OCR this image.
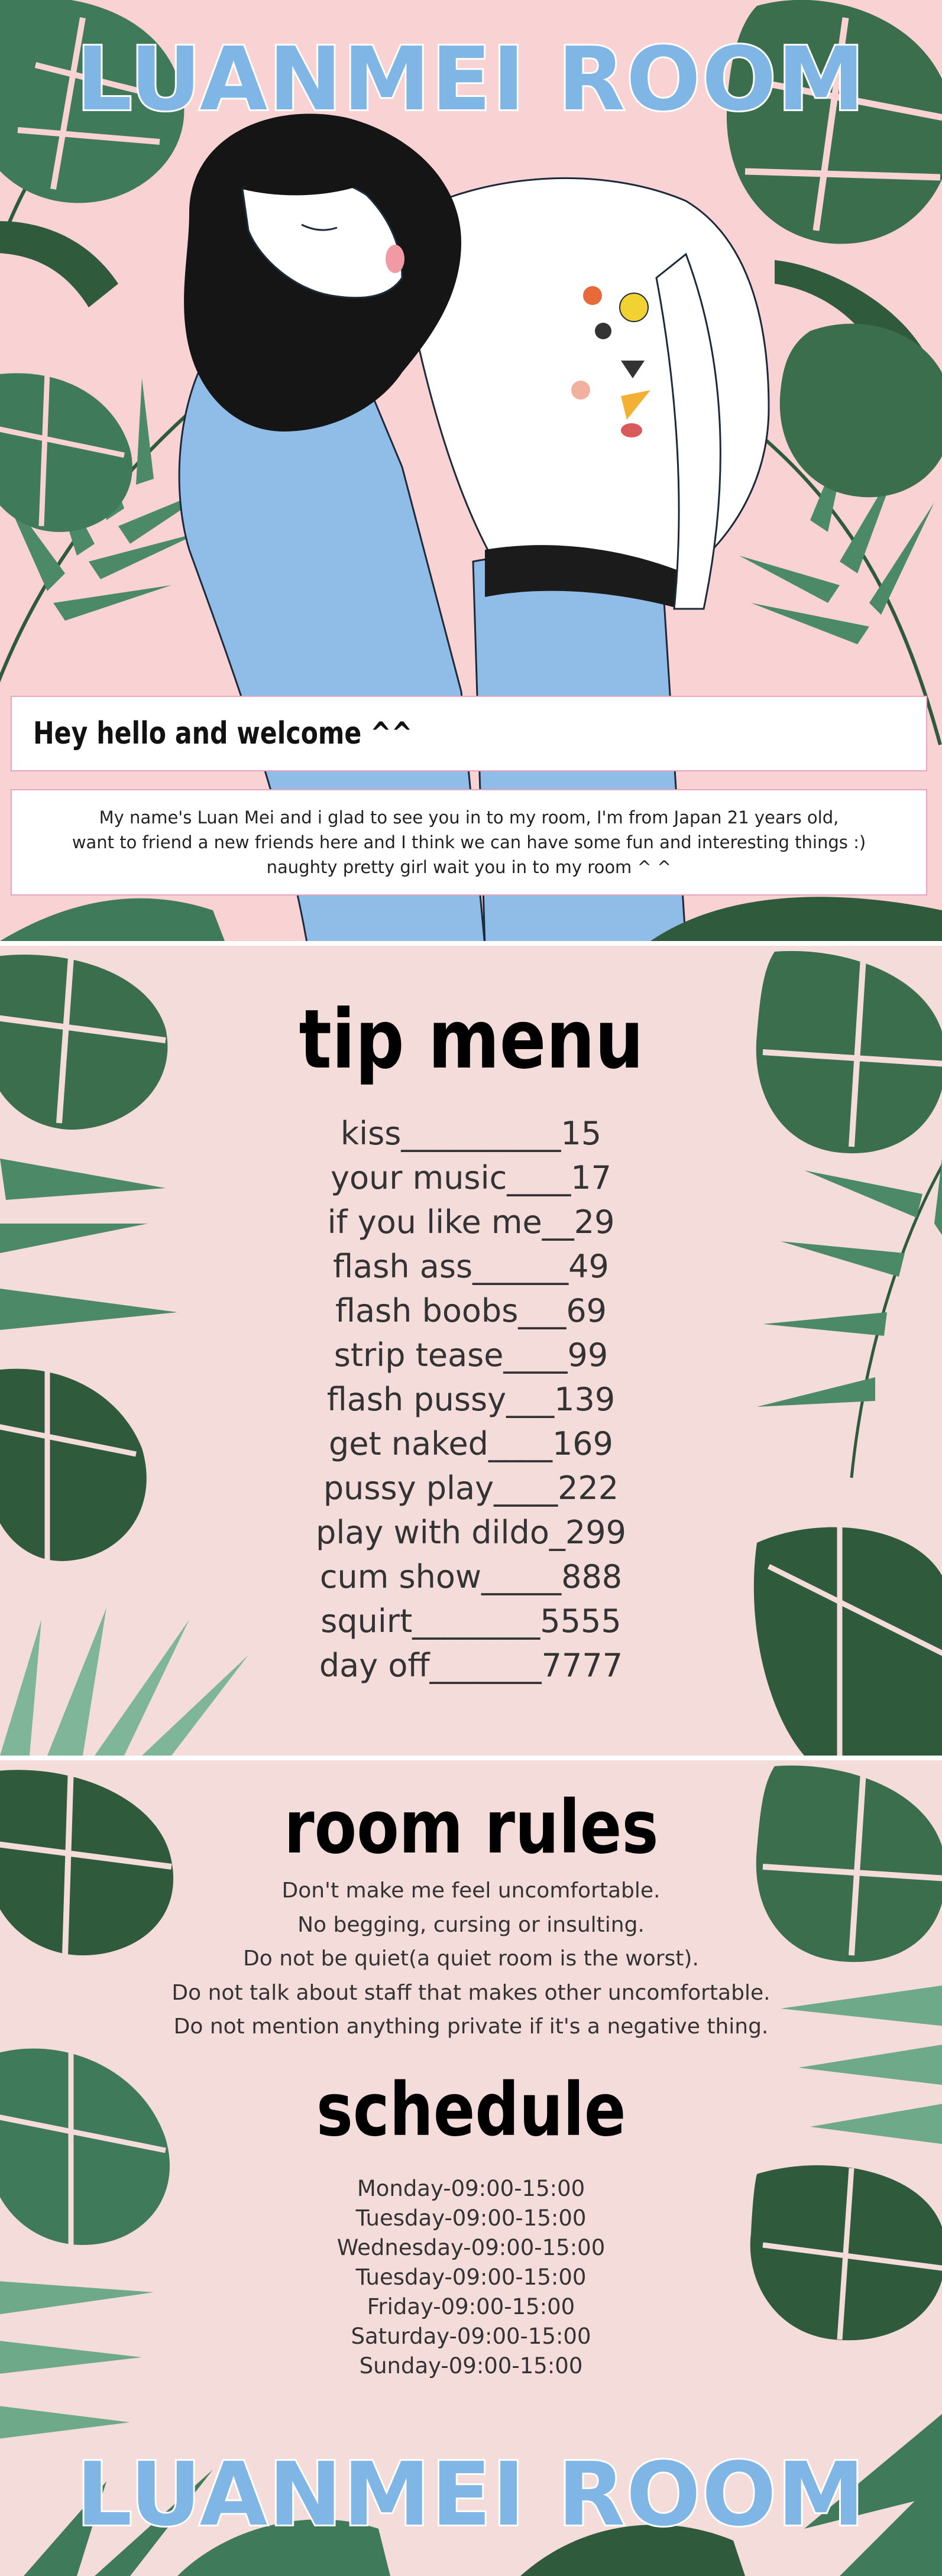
LUANMEI ROOM
Hey hello and welcome ^^
My name's Luan Mei and i glad to see you in to my room, I'm from Japan 21 years old,
want to friend a new friends here and I think we can have some fun and interesting things :)
naughty pretty girl wait you in to my room ^ ^
tip menu
kiss__________15
your music____17
if you like me__29
flash ass______49
flash boobs___69
strip tease____99
flash pussy___139
get naked____169
pussy play____222
play with dildo_299
cum show_____888
squirt________5555
day off_______7777
room rules
Don't make me feel uncomfortable.
No begging, cursing or insulting.
Do not be quiet(a quiet room is the worst).
Do not talk about staff that makes other uncomfortable.
Do not mention anything private if it's a negative thing.
schedule
Monday-09:00-15:00
Tuesday-09:00-15:00
Wednesday-09:00-15:00
Tuesday-09:00-15:00
Friday-09:00-15:00
Saturday-09:00-15:00
Sunday-09:00-15:00
LUANMEI ROOM
